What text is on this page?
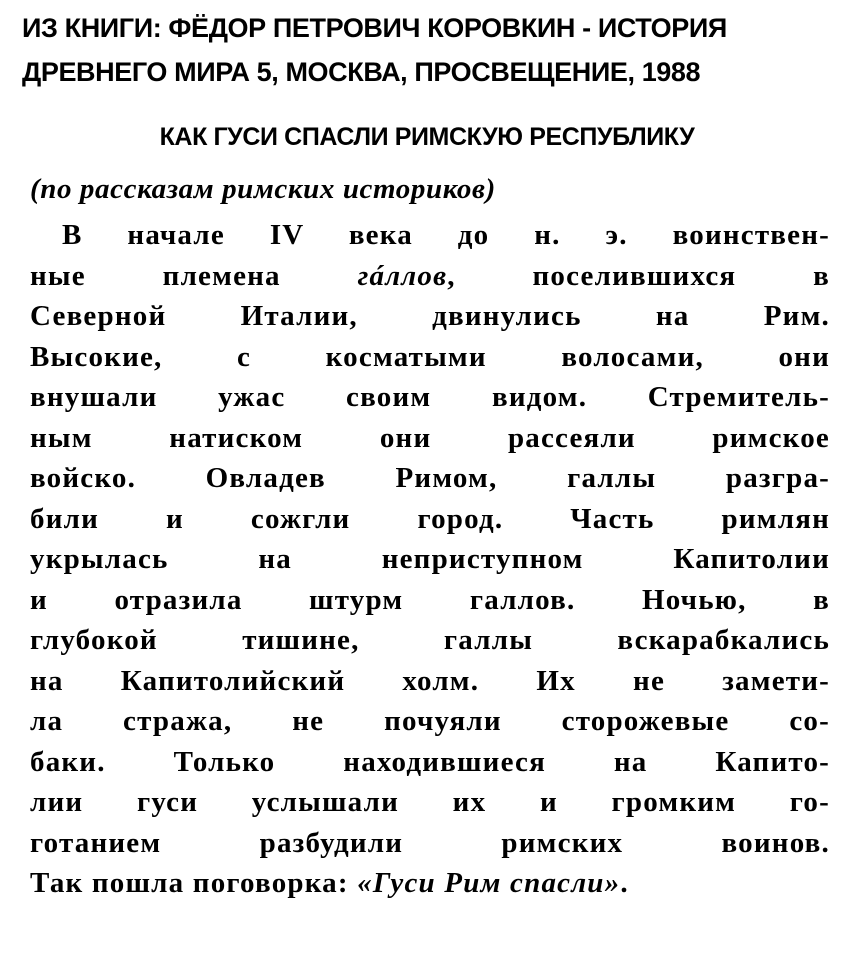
ИЗ КНИГИ: ФЁДОР ПЕТРОВИЧ КОРОВКИН - ИСТОРИЯ
ДРЕВНЕГО МИРА 5, МОСКВА, ПРОСВЕЩЕНИЕ, 1988
КАК ГУСИ СПАСЛИ РИМСКУЮ РЕСПУБЛИКУ
(по рассказам римских историков)
В начале IV века до н. э. воинствен-
ные племена гáллов, поселившихся в
Северной Италии, двинулись на Рим.
Высокие, с косматыми волосами, они
внушали ужас своим видом. Стремитель-
ным натиском они рассеяли римское
войско. Овладев Римом, галлы разгра-
били и сожгли город. Часть римлян
укрылась на неприступном Капитолии
и отразила штурм галлов. Ночью, в
глубокой тишине, галлы вскарабкались
на Капитолийский холм. Их не замети-
ла стража, не почуяли сторожевые со-
баки. Только находившиеся на Капито-
лии гуси услышали их и громким го-
готанием разбудили римских воинов.
Так пошла поговорка: «Гуси Рим спасли».
